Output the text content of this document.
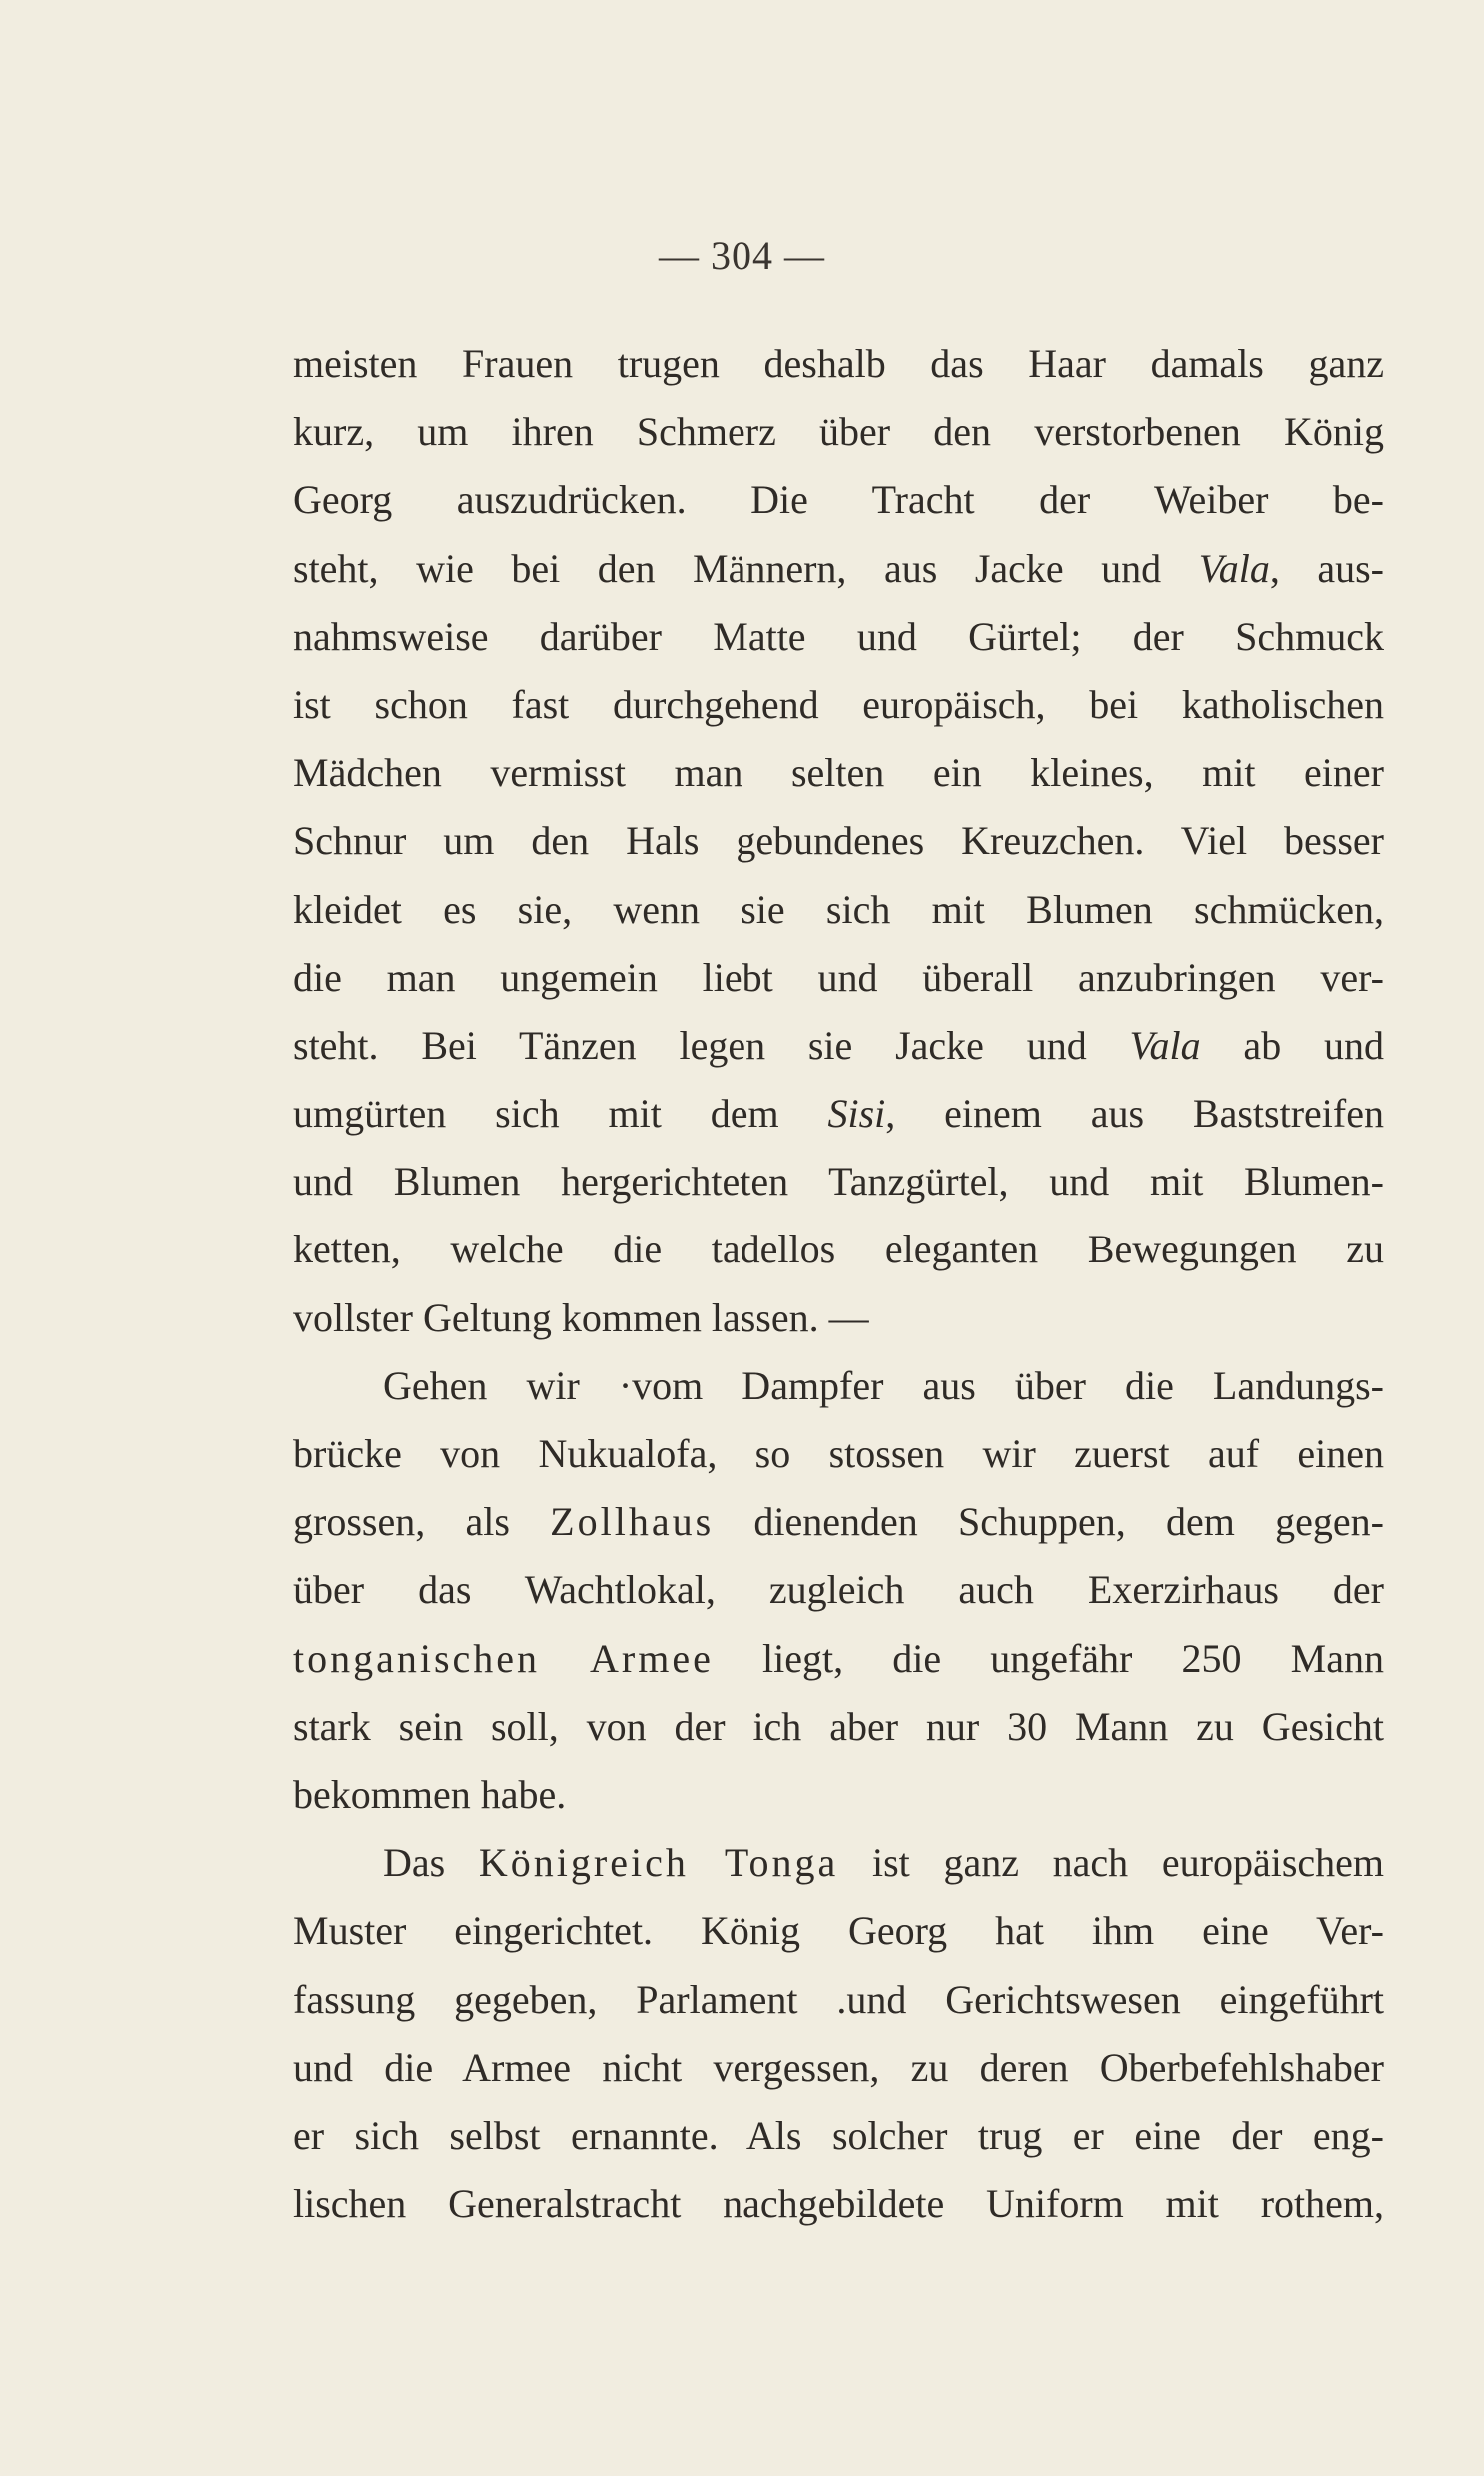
— 304 —
meisten Frauen trugen deshalb das Haar damals ganz
kurz, um ihren Schmerz über den verstorbenen König
Georg auszudrücken. Die Tracht der Weiber be-
steht, wie bei den Männern, aus Jacke und Vala, aus-
nahmsweise darüber Matte und Gürtel; der Schmuck
ist schon fast durchgehend europäisch, bei katholischen
Mädchen vermisst man selten ein kleines, mit einer
Schnur um den Hals gebundenes Kreuzchen. Viel besser
kleidet es sie, wenn sie sich mit Blumen schmücken,
die man ungemein liebt und überall anzubringen ver-
steht. Bei Tänzen legen sie Jacke und Vala ab und
umgürten sich mit dem Sisi, einem aus Baststreifen
und Blumen hergerichteten Tanzgürtel, und mit Blumen-
ketten, welche die tadellos eleganten Bewegungen zu
vollster Geltung kommen lassen. —
Gehen wir ·vom Dampfer aus über die Landungs-
brücke von Nukualofa, so stossen wir zuerst auf einen
grossen, als Zollhaus dienenden Schuppen, dem gegen-
über das Wachtlokal, zugleich auch Exerzirhaus der
tonganischen Armee liegt, die ungefähr 250 Mann
stark sein soll, von der ich aber nur 30 Mann zu Gesicht
bekommen habe.
Das Königreich Tonga ist ganz nach europäischem
Muster eingerichtet. König Georg hat ihm eine Ver-
fassung gegeben, Parlament .und Gerichtswesen eingeführt
und die Armee nicht vergessen, zu deren Oberbefehlshaber
er sich selbst ernannte. Als solcher trug er eine der eng-
lischen Generalstracht nachgebildete Uniform mit rothem,
